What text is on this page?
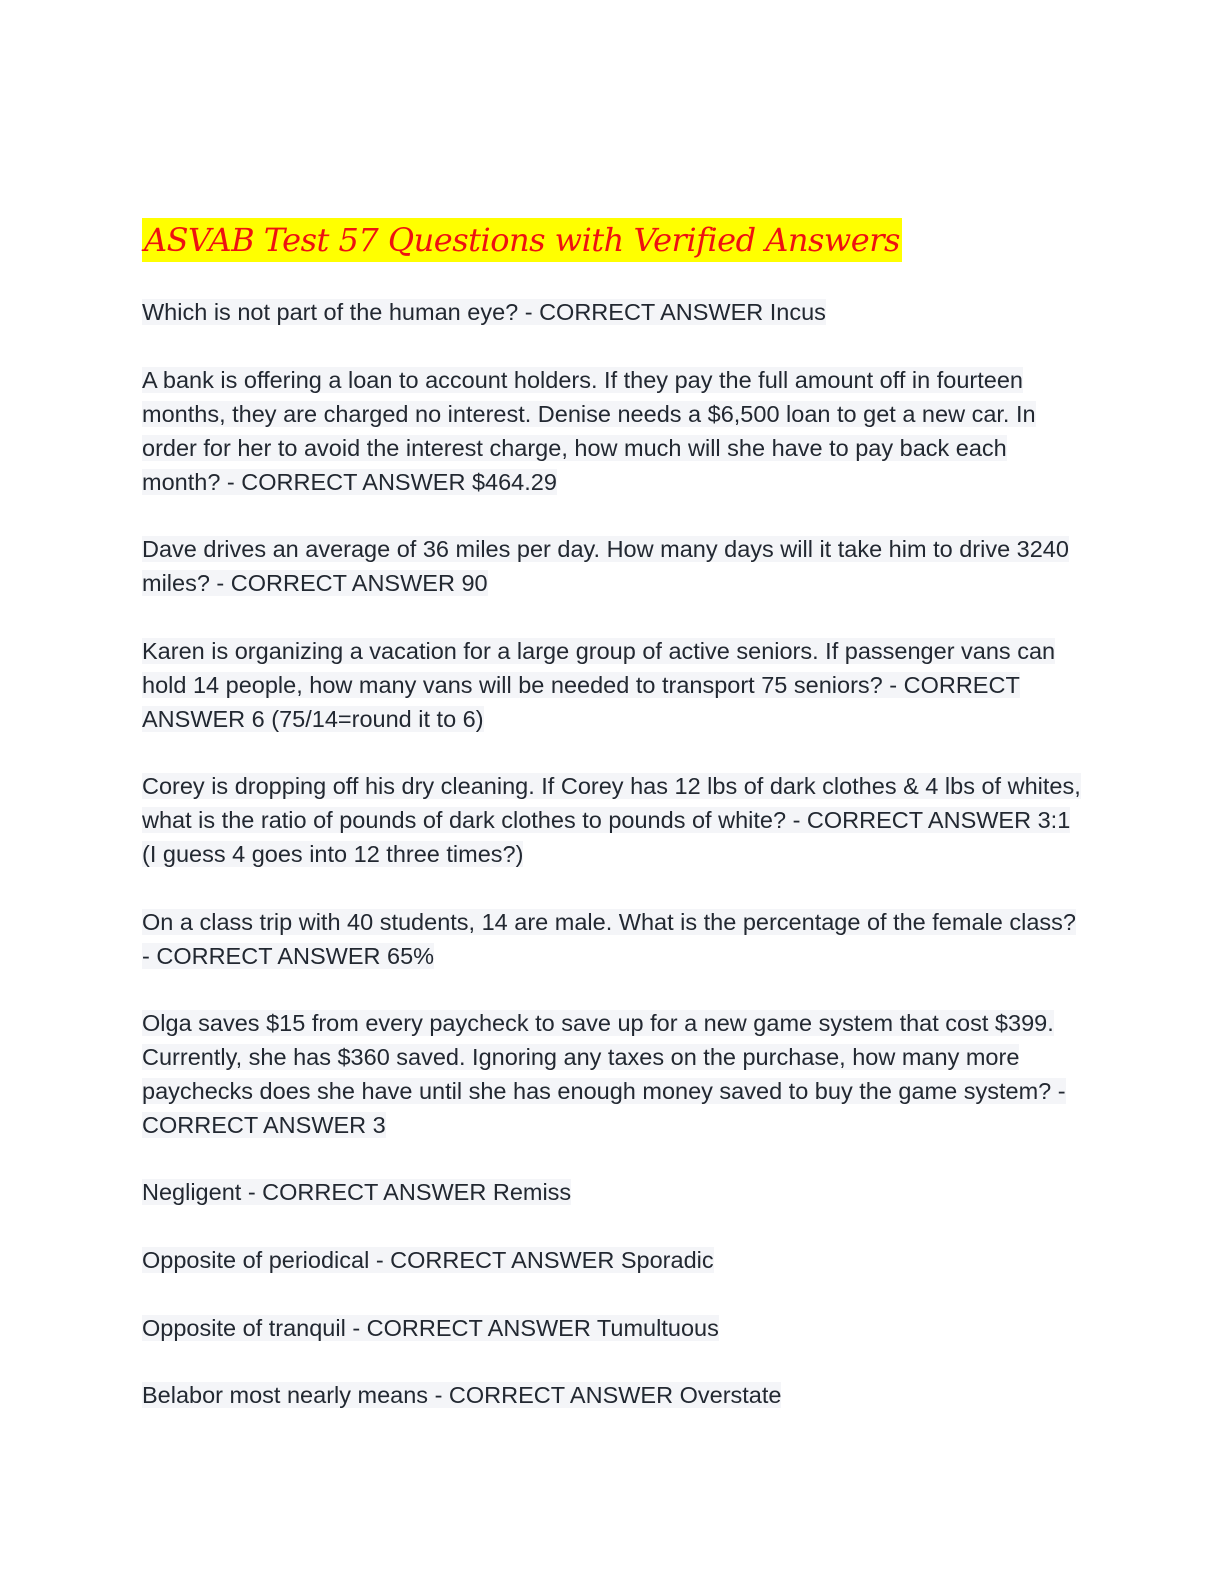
ASVAB Test 57 Questions with Verified Answers

Which is not part of the human eye? - CORRECT ANSWER Incus

A bank is offering a loan to account holders. If they pay the full amount off in fourteen months, they are charged no interest. Denise needs a $6,500 loan to get a new car. In order for her to avoid the interest charge, how much will she have to pay back each month? - CORRECT ANSWER $464.29

Dave drives an average of 36 miles per day. How many days will it take him to drive 3240 miles? - CORRECT ANSWER 90

Karen is organizing a vacation for a large group of active seniors. If passenger vans can hold 14 people, how many vans will be needed to transport 75 seniors? - CORRECT ANSWER 6 (75/14=round it to 6)

Corey is dropping off his dry cleaning. If Corey has 12 lbs of dark clothes & 4 lbs of whites, what is the ratio of pounds of dark clothes to pounds of white? - CORRECT ANSWER 3:1 (I guess 4 goes into 12 three times?)

On a class trip with 40 students, 14 are male. What is the percentage of the female class? - CORRECT ANSWER 65%

Olga saves $15 from every paycheck to save up for a new game system that cost $399. Currently, she has $360 saved. Ignoring any taxes on the purchase, how many more paychecks does she have until she has enough money saved to buy the game system? - CORRECT ANSWER 3

Negligent - CORRECT ANSWER Remiss

Opposite of periodical - CORRECT ANSWER Sporadic

Opposite of tranquil - CORRECT ANSWER Tumultuous

Belabor most nearly means - CORRECT ANSWER Overstate
